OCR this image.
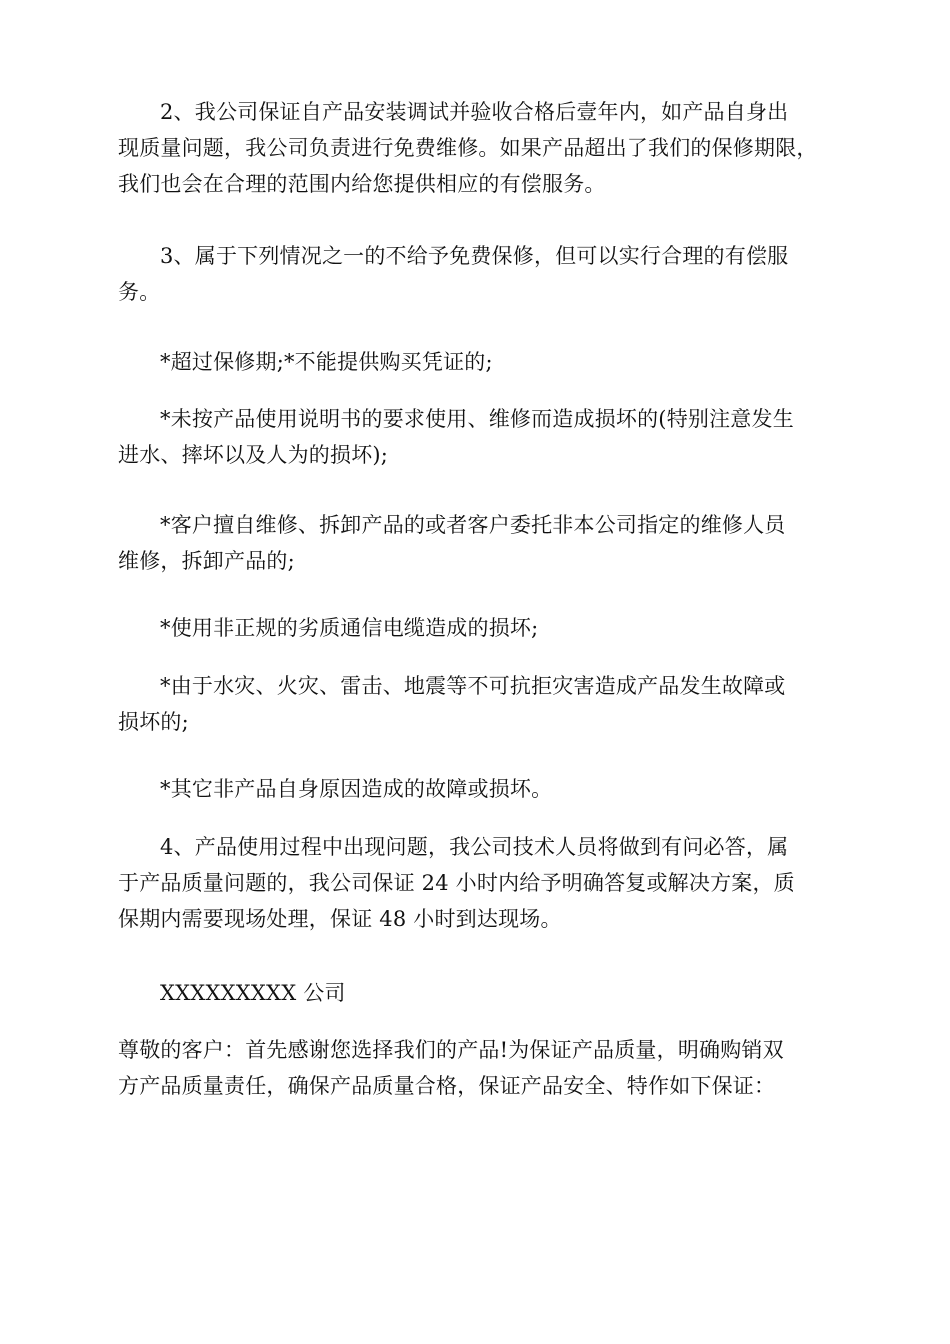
2、我公司保证自产品安装调试并验收合格后壹年内，如产品自身出
现质量问题，我公司负责进行免费维修。如果产品超出了我们的保修期限，
我们也会在合理的范围内给您提供相应的有偿服务。

3、属于下列情况之一的不给予免费保修，但可以实行合理的有偿服
务。

*超过保修期;*不能提供购买凭证的;

*未按产品使用说明书的要求使用、维修而造成损坏的(特别注意发生
进水、摔坏以及人为的损坏);

*客户擅自维修、拆卸产品的或者客户委托非本公司指定的维修人员
维修，拆卸产品的;

*使用非正规的劣质通信电缆造成的损坏;

*由于水灾、火灾、雷击、地震等不可抗拒灾害造成产品发生故障或
损坏的;

*其它非产品自身原因造成的故障或损坏。

4、产品使用过程中出现问题，我公司技术人员将做到有问必答，属
于产品质量问题的，我公司保证 24 小时内给予明确答复或解决方案，质
保期内需要现场处理，保证 48 小时到达现场。

XXXXXXXXX 公司

尊敬的客户：首先感谢您选择我们的产品!为保证产品质量，明确购销双
方产品质量责任，确保产品质量合格，保证产品安全、特作如下保证：
